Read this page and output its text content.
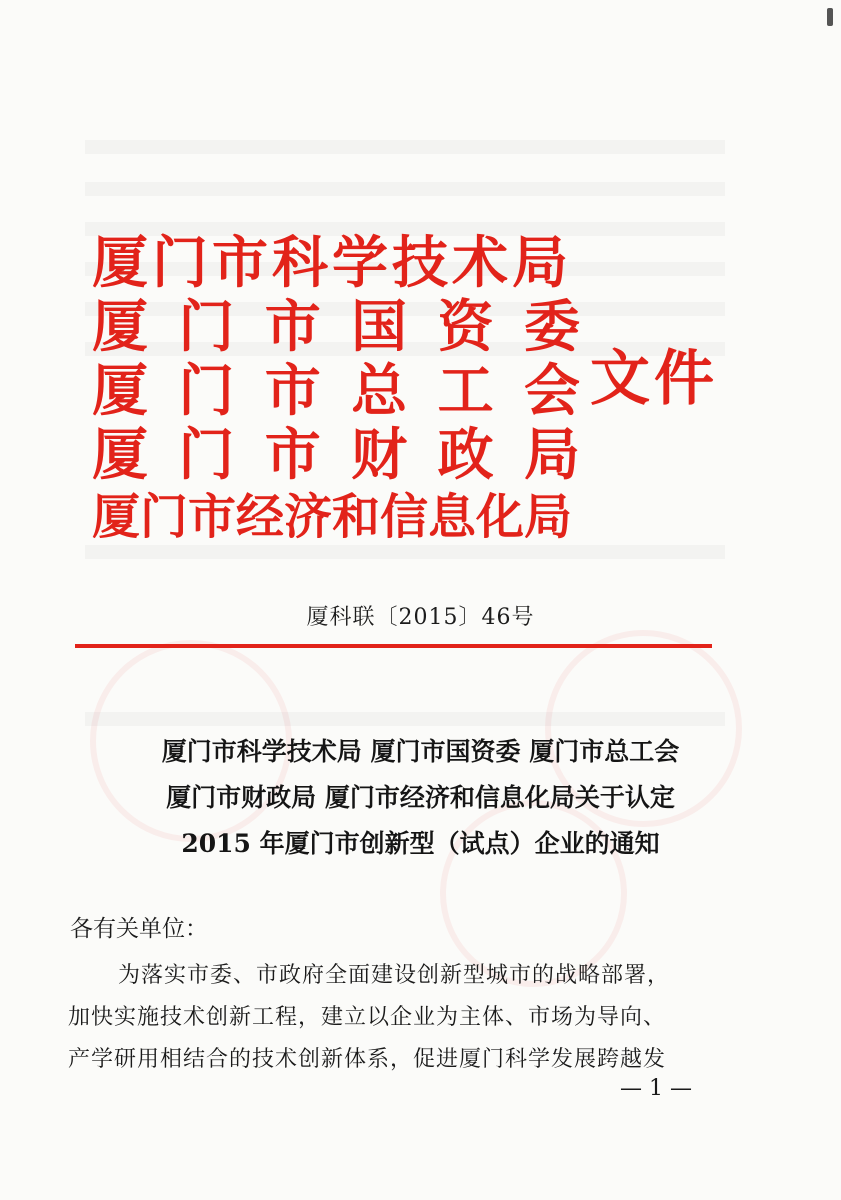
厦门市科学技术局
厦 门 市 国 资 委
厦 门 市 总 工 会
厦 门 市 财 政 局
厦门市经济和信息化局
文件
厦科联〔2015〕46号
厦门市科学技术局 厦门市国资委 厦门市总工会
厦门市财政局 厦门市经济和信息化局关于认定
2015 年厦门市创新型（试点）企业的通知
各有关单位：
为落实市委、市政府全面建设创新型城市的战略部署，
加快实施技术创新工程，建立以企业为主体、市场为导向、
产学研用相结合的技术创新体系，促进厦门科学发展跨越发
— 1 —
